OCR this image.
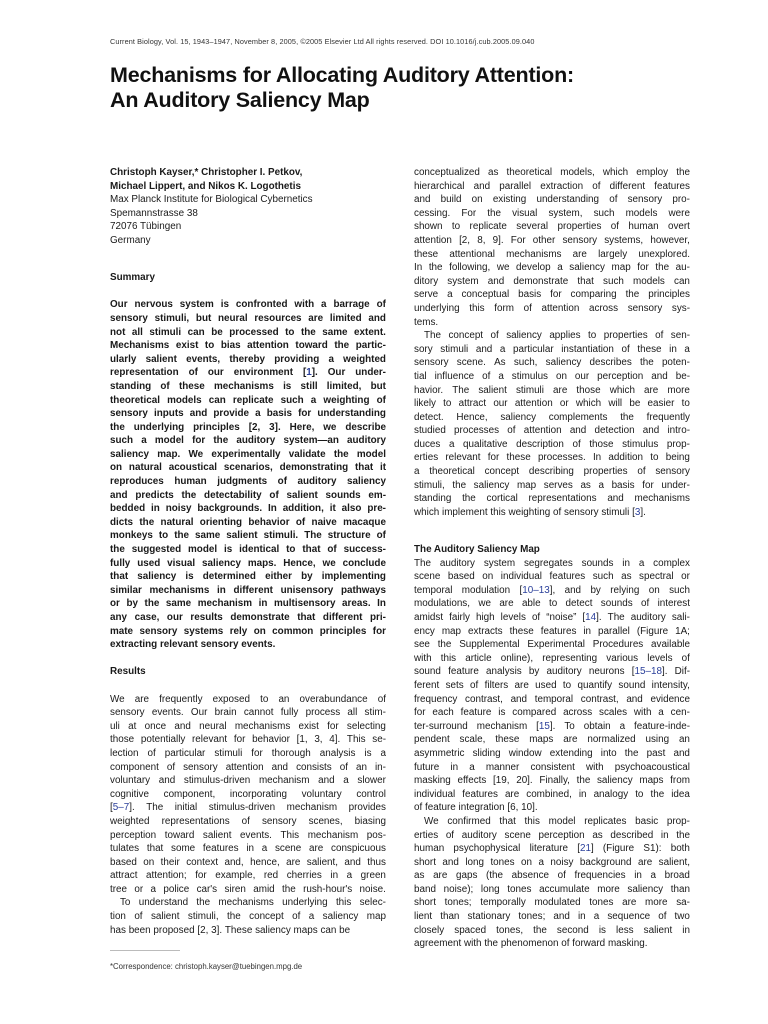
Current Biology, Vol. 15, 1943–1947, November 8, 2005, ©2005 Elsevier Ltd All rights reserved. DOI 10.1016/j.cub.2005.09.040
Mechanisms for Allocating Auditory Attention:
An Auditory Saliency Map
Christoph Kayser,* Christopher I. Petkov,
Michael Lippert, and Nikos K. Logothetis
Max Planck Institute for Biological Cybernetics
Spemannstrasse 38
72076 Tübingen
Germany
Summary
Our nervous system is confronted with a barrage of
sensory stimuli, but neural resources are limited and
not all stimuli can be processed to the same extent.
Mechanisms exist to bias attention toward the partic-
ularly salient events, thereby providing a weighted
representation of our environment [1]. Our under-
standing of these mechanisms is still limited, but
theoretical models can replicate such a weighting of
sensory inputs and provide a basis for understanding
the underlying principles [2, 3]. Here, we describe
such a model for the auditory system—an auditory
saliency map. We experimentally validate the model
on natural acoustical scenarios, demonstrating that it
reproduces human judgments of auditory saliency
and predicts the detectability of salient sounds em-
bedded in noisy backgrounds. In addition, it also pre-
dicts the natural orienting behavior of naive macaque
monkeys to the same salient stimuli. The structure of
the suggested model is identical to that of success-
fully used visual saliency maps. Hence, we conclude
that saliency is determined either by implementing
similar mechanisms in different unisensory pathways
or by the same mechanism in multisensory areas. In
any case, our results demonstrate that different pri-
mate sensory systems rely on common principles for
extracting relevant sensory events.
Results
We are frequently exposed to an overabundance of
sensory events. Our brain cannot fully process all stim-
uli at once and neural mechanisms exist for selecting
those potentially relevant for behavior [1, 3, 4]. This se-
lection of particular stimuli for thorough analysis is a
component of sensory attention and consists of an in-
voluntary and stimulus-driven mechanism and a slower
cognitive component, incorporating voluntary control
[5–7]. The initial stimulus-driven mechanism provides
weighted representations of sensory scenes, biasing
perception toward salient events. This mechanism pos-
tulates that some features in a scene are conspicuous
based on their context and, hence, are salient, and thus
attract attention; for example, red cherries in a green
tree or a police car's siren amid the rush-hour's noise.
To understand the mechanisms underlying this selec-
tion of salient stimuli, the concept of a saliency map
has been proposed [2, 3]. These saliency maps can be
conceptualized as theoretical models, which employ the
hierarchical and parallel extraction of different features
and build on existing understanding of sensory pro-
cessing. For the visual system, such models were
shown to replicate several properties of human overt
attention [2, 8, 9]. For other sensory systems, however,
these attentional mechanisms are largely unexplored.
In the following, we develop a saliency map for the au-
ditory system and demonstrate that such models can
serve a conceptual basis for comparing the principles
underlying this form of attention across sensory sys-
tems.
The concept of saliency applies to properties of sen-
sory stimuli and a particular instantiation of these in a
sensory scene. As such, saliency describes the poten-
tial influence of a stimulus on our perception and be-
havior. The salient stimuli are those which are more
likely to attract our attention or which will be easier to
detect. Hence, saliency complements the frequently
studied processes of attention and detection and intro-
duces a qualitative description of those stimulus prop-
erties relevant for these processes. In addition to being
a theoretical concept describing properties of sensory
stimuli, the saliency map serves as a basis for under-
standing the cortical representations and mechanisms
which implement this weighting of sensory stimuli [3].
The Auditory Saliency Map
The auditory system segregates sounds in a complex
scene based on individual features such as spectral or
temporal modulation [10–13], and by relying on such
modulations, we are able to detect sounds of interest
amidst fairly high levels of “noise” [14]. The auditory sali-
ency map extracts these features in parallel (Figure 1A;
see the Supplemental Experimental Procedures available
with this article online), representing various levels of
sound feature analysis by auditory neurons [15–18]. Dif-
ferent sets of filters are used to quantify sound intensity,
frequency contrast, and temporal contrast, and evidence
for each feature is compared across scales with a cen-
ter-surround mechanism [15]. To obtain a feature-inde-
pendent scale, these maps are normalized using an
asymmetric sliding window extending into the past and
future in a manner consistent with psychoacoustical
masking effects [19, 20]. Finally, the saliency maps from
individual features are combined, in analogy to the idea
of feature integration [6, 10].
We confirmed that this model replicates basic prop-
erties of auditory scene perception as described in the
human psychophysical literature [21] (Figure S1): both
short and long tones on a noisy background are salient,
as are gaps (the absence of frequencies in a broad
band noise); long tones accumulate more saliency than
short tones; temporally modulated tones are more sa-
lient than stationary tones; and in a sequence of two
closely spaced tones, the second is less salient in
agreement with the phenomenon of forward masking.
*Correspondence: christoph.kayser@tuebingen.mpg.de
